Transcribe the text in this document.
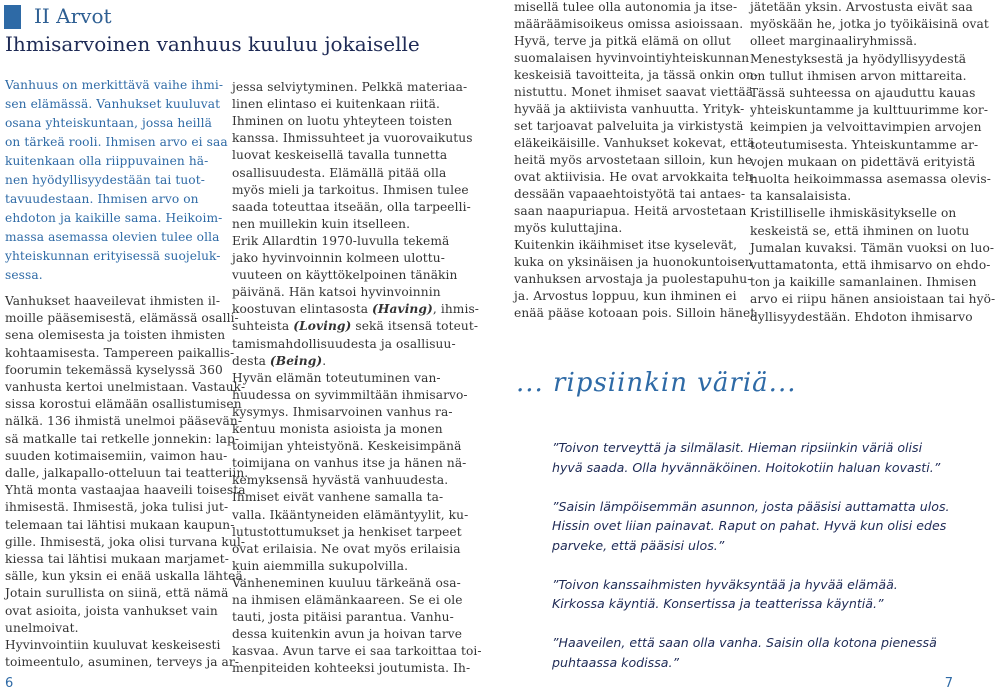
II Arvot
Ihmisarvoinen vanhuus kuuluu jokaiselle
Vanhuus on merkittävä vaihe ihmi-
sen elämässä. Vanhukset kuuluvat
osana yhteiskuntaan, jossa heillä
on tärkeä rooli. Ihmisen arvo ei saa
kuitenkaan olla riippuvainen hä-
nen hyödyllisyydestään tai tuot-
tavuudestaan. Ihmisen arvo on
ehdoton ja kaikille sama. Heikoim-
massa asemassa olevien tulee olla
yhteiskunnan erityisessä suojeluk-
sessa.
Vanhukset haaveilevat ihmisten il-
moille pääsemisestä, elämässä osalli-
sena olemisesta ja toisten ihmisten
kohtaamisesta. Tampereen paikallis-
foorumin tekemässä kyselyssä 360
vanhusta kertoi unelmistaan. Vastauk-
sissa korostui elämään osallistumisen
nälkä. 136 ihmistä unelmoi pääsevän-
sä matkalle tai retkelle jonnekin: lap-
suuden kotimaisemiin, vaimon hau-
dalle, jalkapallo-otteluun tai teatteriin.
Yhtä monta vastaajaa haaveili toisesta
ihmisestä. Ihmisestä, joka tulisi jut-
telemaan tai lähtisi mukaan kaupun-
gille. Ihmisestä, joka olisi turvana kul-
kiessa tai lähtisi mukaan marjamet-
sälle, kun yksin ei enää uskalla lähteä.
Jotain surullista on siinä, että nämä
ovat asioita, joista vanhukset vain
unelmoivat.
Hyvinvointiin kuuluvat keskeisesti
toimeentulo, asuminen, terveys ja ar-
jessa selviytyminen. Pelkkä materiaa-
linen elintaso ei kuitenkaan riitä.
Ihminen on luotu yhteyteen toisten
kanssa. Ihmissuhteet ja vuorovaikutus
luovat keskeisellä tavalla tunnetta
osallisuudesta. Elämällä pitää olla
myös mieli ja tarkoitus. Ihmisen tulee
saada toteuttaa itseään, olla tarpeelli-
nen muillekin kuin itselleen.
Erik Allardtin 1970-luvulla tekemä
jako hyvinvoinnin kolmeen ulottu-
vuuteen on käyttökelpoinen tänäkin
päivänä. Hän katsoi hyvinvoinnin
koostuvan elintasosta (Having), ihmis-
suhteista (Loving) sekä itsensä toteut-
tamismahdollisuudesta ja osallisuu-
desta (Being).
Hyvän elämän toteutuminen van-
huudessa on syvimmiltään ihmisarvo-
kysymys. Ihmisarvoinen vanhus ra-
kentuu monista asioista ja monen
toimijan yhteistyönä. Keskeisimpänä
toimijana on vanhus itse ja hänen nä-
kemyksensä hyvästä vanhuudesta.
Ihmiset eivät vanhene samalla ta-
valla. Ikääntyneiden elämäntyylit, ku-
lutustottumukset ja henkiset tarpeet
ovat erilaisia. Ne ovat myös erilaisia
kuin aiemmilla sukupolvilla.
Vanheneminen kuuluu tärkeänä osa-
na ihmisen elämänkaareen. Se ei ole
tauti, josta pitäisi parantua. Vanhu-
dessa kuitenkin avun ja hoivan tarve
kasvaa. Avun tarve ei saa tarkoittaa toi-
menpiteiden kohteeksi joutumista. Ih-
misellä tulee olla autonomia ja itse-
määräämisoikeus omissa asioissaan.
Hyvä, terve ja pitkä elämä on ollut
suomalaisen hyvinvointiyhteiskunnan
keskeisiä tavoitteita, ja tässä onkin on-
nistuttu. Monet ihmiset saavat viettää
hyvää ja aktiivista vanhuutta. Yrityk-
set tarjoavat palveluita ja virkistystä
eläkeikäisille. Vanhukset kokevat, että
heitä myös arvostetaan silloin, kun he
ovat aktiivisia. He ovat arvokkaita teh-
dessään vapaaehtoistyötä tai antaes-
saan naapuriapua. Heitä arvostetaan
myös kuluttajina.
Kuitenkin ikäihmiset itse kyselevät,
kuka on yksinäisen ja huonokuntoisen
vanhuksen arvostaja ja puolestapuhu-
ja. Arvostus loppuu, kun ihminen ei
enää pääse kotoaan pois. Silloin hänet
jätetään yksin. Arvostusta eivät saa
myöskään he, jotka jo työikäisinä ovat
olleet marginaaliryhmissä.
Menestyksestä ja hyödyllisyydestä
on tullut ihmisen arvon mittareita.
Tässä suhteessa on ajauduttu kauas
yhteiskuntamme ja kulttuurimme kor-
keimpien ja velvoittavimpien arvojen
toteutumisesta. Yhteiskuntamme ar-
vojen mukaan on pidettävä erityistä
huolta heikoimmassa asemassa olevis-
ta kansalaisista.
Kristilliselle ihmiskäsitykselle on
keskeistä se, että ihminen on luotu
Jumalan kuvaksi. Tämän vuoksi on luo-
vuttamatonta, että ihmisarvo on ehdo-
ton ja kaikille samanlainen. Ihmisen
arvo ei riipu hänen ansioistaan tai hyö-
dyllisyydestään. Ehdoton ihmisarvo
... ripsiinkin väriä...
”Toivon terveyttä ja silmälasit. Hieman ripsiinkin väriä olisi
hyvä saada. Olla hyvännäköinen. Hoitokotiin haluan kovasti.”
”Saisin lämpöisemmän asunnon, josta pääsisi auttamatta ulos.
Hissin ovet liian painavat. Raput on pahat. Hyvä kun olisi edes
parveke, että pääsisi ulos.”
”Toivon kanssaihmisten hyväksyntää ja hyvää elämää.
Kirkossa käyntiä. Konsertissa ja teatterissa käyntiä.”
”Haaveilen, että saan olla vanha. Saisin olla kotona pienessä
puhtaassa kodissa.”
6	7
